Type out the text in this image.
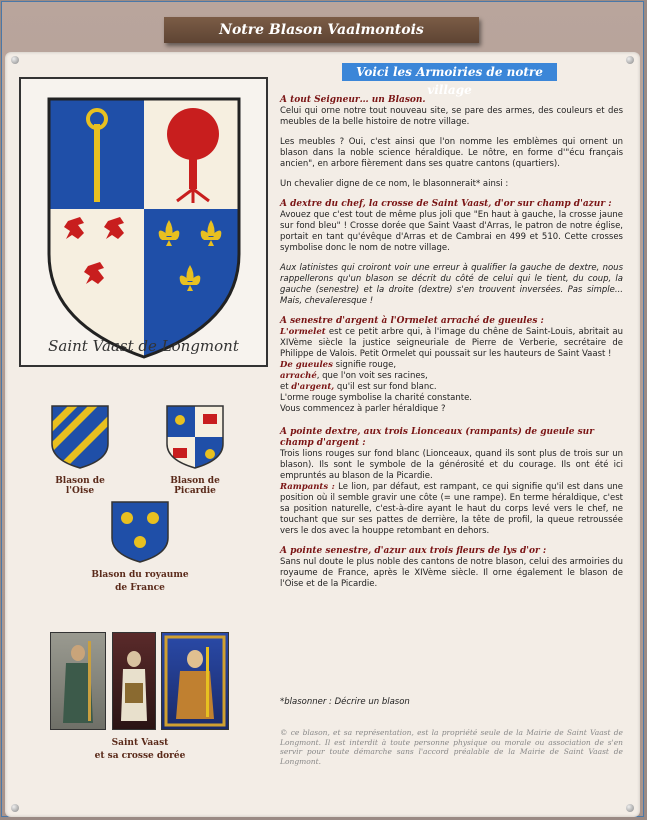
Notre Blason Vaalmontois
Saint Vaast de Longmont
Blason de l'Oise
Blason de Picardie
Blason du royaume
de France
Saint Vaast
et sa crosse dorée
Voici les Armoiries de notre village
A tout Seigneur… un Blason.

Celui qui orne notre tout nouveau site, se pare des armes, des couleurs et des meubles de la belle histoire de notre village.

Les meubles ? Oui, c'est ainsi que l'on nomme les emblèmes qui ornent un blason dans la noble science héraldique. Le nôtre, en forme d'"écu français ancien", en arbore fièrement dans ses quatre cantons (quartiers).

Un chevalier digne de ce nom, le blasonnerait* ainsi :

A dextre du chef, la crosse de Saint Vaast, d'or sur champ d'azur :

Avouez que c'est tout de même plus joli que "En haut à gauche, la crosse jaune sur fond bleu" ! Crosse dorée que Saint Vaast d'Arras, le patron de notre église, portait en tant qu'évêque d'Arras et de Cambrai en 499 et 510. Cette crosses symbolise donc le nom de notre village.

Aux latinistes qui croiront voir une erreur à qualifier la gauche de dextre, nous rappellerons qu'un blason se décrit du côté de celui qui le tient, du coup, la gauche (senestre) et la droite (dextre) s'en trouvent inversées. Pas simple... Mais, chevaleresque !

A senestre d'argent à l'Ormelet arraché de gueules :

L'ormelet est ce petit arbre qui, à l'image du chêne de Saint-Louis, abritait au XIVème siècle la justice seigneuriale de Pierre de Verberie, secrétaire de Philippe de Valois. Petit Ormelet qui poussait sur les hauteurs de Saint Vaast !

De gueules signifie rouge,
arraché, que l'on voit ses racines,
et d'argent, qu'il est sur fond blanc.
L'orme rouge symbolise la charité constante.

Vous commencez à parler héraldique ?

A pointe dextre, aux trois Lionceaux (rampants) de gueule sur champ d'argent :
Trois lions rouges sur fond blanc (Lionceaux, quand ils sont plus de trois sur un blason). Ils sont le symbole de la générosité et du courage. Ils ont été ici empruntés au blason de la Picardie.

Rampants : Le lion, par défaut, est rampant, ce qui signifie qu'il est dans une position où il semble gravir une côte (= une rampe). En terme héraldique, c'est sa position naturelle, c'est-à-dire ayant le haut du corps levé vers le chef, ne touchant que sur ses pattes de derrière, la tête de profil, la queue retroussée vers le dos avec la houppe retombant en dehors.

A pointe senestre, d'azur aux trois fleurs de lys d'or :

Sans nul doute le plus noble des cantons de notre blason, celui des armoiries du royaume de France, après le XIVème siècle. Il orne également le blason de l'Oise et de la Picardie.

*blasonner : Décrire un blason
© ce blason, et sa représentation, est la propriété seule de la Mairie de Saint Vaast de Longmont. Il est interdit à toute personne physique ou morale ou association de s'en servir pour toute démarche sans l'accord préalable de la Mairie de Saint Vaast de Longmont.
